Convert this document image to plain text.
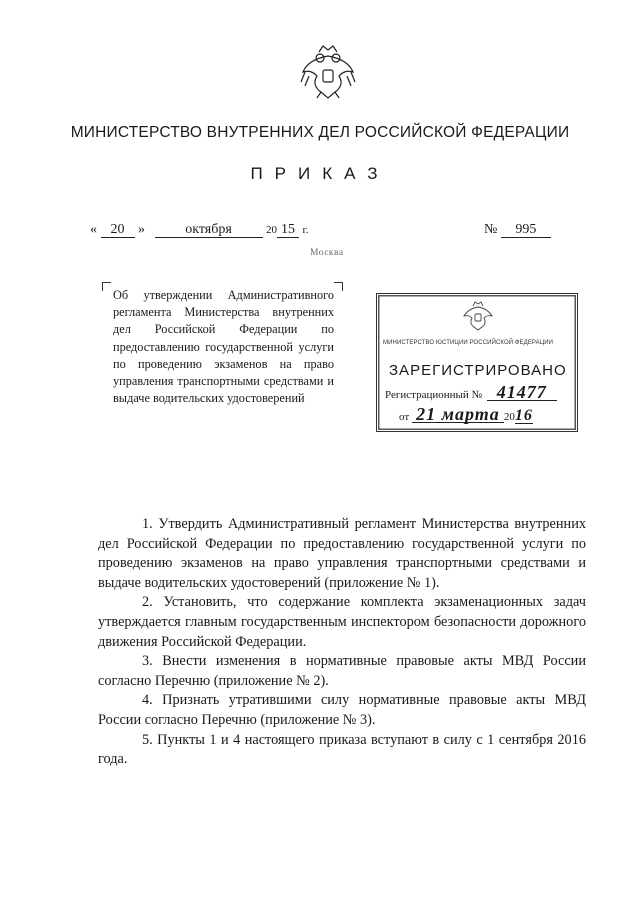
МИНИСТЕРСТВО ВНУТРЕННИХ ДЕЛ РОССИЙСКОЙ ФЕДЕРАЦИИ
ПРИКАЗ
« 20 »	октября	20 15 г.	№ 995
Москва

Об утверждении Административного регламента Министерства внутренних дел Российской Федерации по предоставлению государственной услуги по проведению экзаменов на право управления транспортными средствами и выдаче водительских удостоверений

МИНИСТЕРСТВО ЮСТИЦИИ РОССИЙСКОЙ ФЕДЕРАЦИИ
ЗАРЕГИСТРИРОВАНО
Регистрационный № 41477
от 21 марта 2016

1. Утвердить Административный регламент Министерства внутренних дел Российской Федерации по предоставлению государственной услуги по проведению экзаменов на право управления транспортными средствами и выдаче водительских удостоверений (приложение № 1).

2. Установить, что содержание комплекта экзаменационных задач утверждается главным государственным инспектором безопасности дорожного движения Российской Федерации.

3. Внести изменения в нормативные правовые акты МВД России согласно Перечню (приложение № 2).

4. Признать утратившими силу нормативные правовые акты МВД России согласно Перечню (приложение № 3).

5. Пункты 1 и 4 настоящего приказа вступают в силу с 1 сентября 2016 года.
